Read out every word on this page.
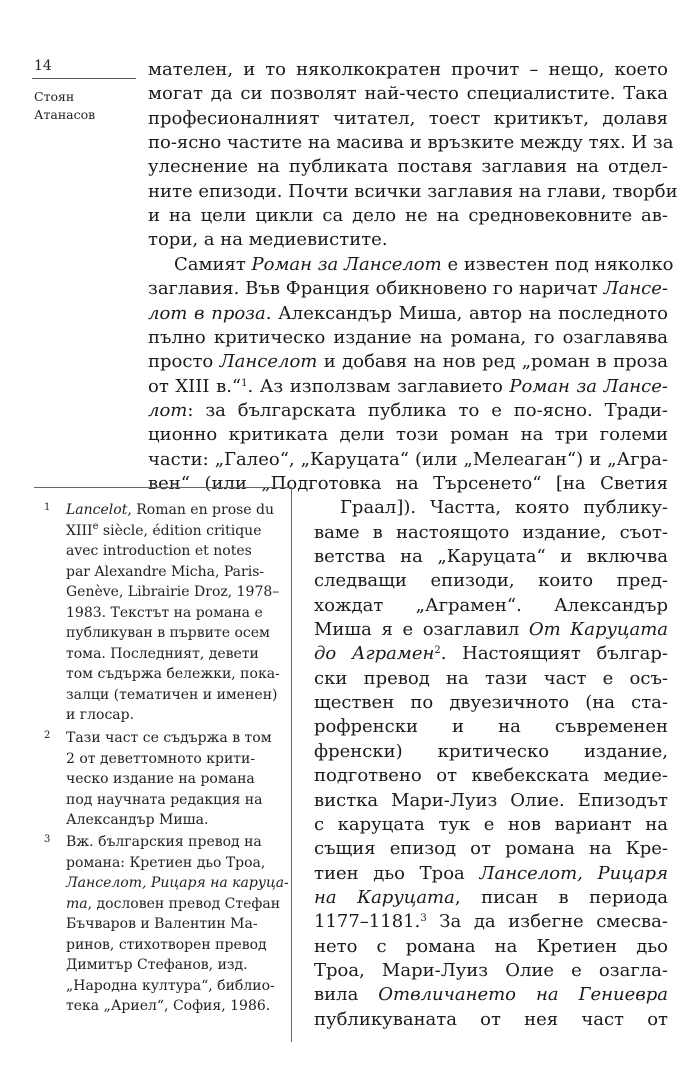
14
Стоян
Атанасов
мателен, и то няколкократен прочит – нещо, което
могат да си позволят най-често специалистите. Така
професионалният читател, тоест критикът, долавя
по-ясно частите на масива и връзките между тях. И за
улеснение на публиката поставя заглавия на отдел-
ните епизоди. Почти всички заглавия на глави, творби
и на цели цикли са дело не на средновековните ав-
тори, а на медиевистите.
Самият Роман за Ланселот е известен под няколко
заглавия. Във Франция обикновено го наричат Лансе-
лот в проза. Александър Миша, автор на последното
пълно критическо издание на романа, го озаглавява
просто Ланселот и добавя на нов ред „роман в проза
от XIII в.“$^1$. Аз използвам заглавието Роман за Лансе-
лот: за българската публика то е по-ясно. Тради-
ционно критиката дели този роман на три големи
части: „Галео“, „Каруцата“ (или „Мелеаган“) и „Агра-
вен“ (или „Подготовка на Търсенето“ [на Светия
Граал]). Частта, която публику-
ваме в настоящото издание, съот-
ветства на „Каруцата“ и включва
следващи епизоди, които пред-
хождат „Аграмен“. Александър
Миша я е озаглавил От Каруцата
до Аграмен$^2$. Настоящият българ-
ски превод на тази част е осъ-
ществен по двуезичното (на ста-
рофренски и на съвременен
френски) критическо издание,
подготвено от квебекската медие-
вистка Мари-Луиз Олие. Епизодът
с каруцата тук е нов вариант на
същия епизод от романа на Кре-
тиен дьо Троа Ланселот, Рицаря
на Каруцата, писан в периода
1177–1181.$^3$ За да избегне смесва-
нето с романа на Кретиен дьо
Троа, Мари-Луиз Олие е озагла-
вила Отвличането на Гениевра
публикуваната от нея част от
1 Lancelot, Roman en prose du
XIIIe siècle, édition critique
avec introduction et notes
par Alexandre Micha, Paris-
Genève, Librairie Droz, 1978–
1983. Текстът на романа е
публикуван в първите осем
тома. Последният, девети
том съдържа бележки, пока-
залци (тематичен и именен)
и глосар.
2 Тази част се съдържа в том
2 от деветтомното крити-
ческо издание на романа
под научната редакция на
Александър Миша.
3 Вж. българския превод на
романа: Кретиен дьо Троа,
Ланселот, Рицаря на каруца-
та, дословен превод Стефан
Бъчваров и Валентин Ма-
ринов, стихотворен превод
Димитър Стефанов, изд.
„Народна култура“, библио-
тека „Ариел“, София, 1986.
